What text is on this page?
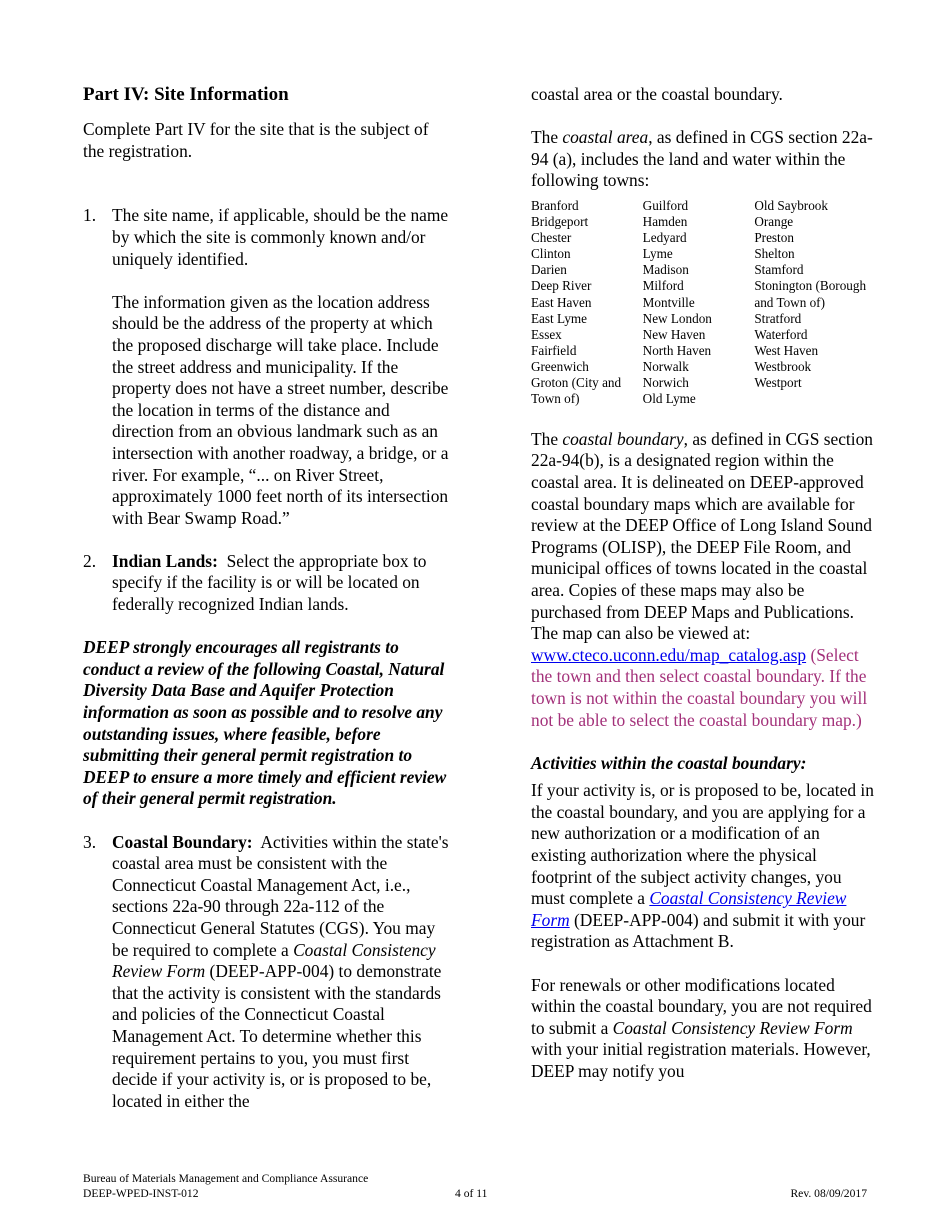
Part IV: Site Information

Complete Part IV for the site that is the subject of the registration.

1. The site name, if applicable, should be the name by which the site is commonly known and/or uniquely identified.

The information given as the location address should be the address of the property at which the proposed discharge will take place. Include the street address and municipality. If the property does not have a street number, describe the location in terms of the distance and direction from an obvious landmark such as an intersection with another roadway, a bridge, or a river. For example, “... on River Street, approximately 1000 feet north of its intersection with Bear Swamp Road.”

2. Indian Lands: Select the appropriate box to specify if the facility is or will be located on federally recognized Indian lands.

DEEP strongly encourages all registrants to conduct a review of the following Coastal, Natural Diversity Data Base and Aquifer Protection information as soon as possible and to resolve any outstanding issues, where feasible, before submitting their general permit registration to DEEP to ensure a more timely and efficient review of their general permit registration.

3. Coastal Boundary: Activities within the state's coastal area must be consistent with the Connecticut Coastal Management Act, i.e., sections 22a-90 through 22a-112 of the Connecticut General Statutes (CGS). You may be required to complete a Coastal Consistency Review Form (DEEP-APP-004) to demonstrate that the activity is consistent with the standards and policies of the Connecticut Coastal Management Act. To determine whether this requirement pertains to you, you must first decide if your activity is, or is proposed to be, located in either the

coastal area or the coastal boundary.

The coastal area, as defined in CGS section 22a-94 (a), includes the land and water within the following towns:

Branford
Bridgeport
Chester
Clinton
Darien
Deep River
East Haven
East Lyme
Essex
Fairfield
Greenwich
Groton (City and Town of)
Guilford
Hamden
Ledyard
Lyme
Madison
Milford
Montville
New London
New Haven
North Haven
Norwalk
Norwich
Old Lyme
Old Saybrook
Orange
Preston
Shelton
Stamford
Stonington (Borough and Town of)
Stratford
Waterford
West Haven
Westbrook
Westport

The coastal boundary, as defined in CGS section 22a-94(b), is a designated region within the coastal area. It is delineated on DEEP-approved coastal boundary maps which are available for review at the DEEP Office of Long Island Sound Programs (OLISP), the DEEP File Room, and municipal offices of towns located in the coastal area. Copies of these maps may also be purchased from DEEP Maps and Publications. The map can also be viewed at: www.cteco.uconn.edu/map_catalog.asp (Select the town and then select coastal boundary. If the town is not within the coastal boundary you will not be able to select the coastal boundary map.)

Activities within the coastal boundary:

If your activity is, or is proposed to be, located in the coastal boundary, and you are applying for a new authorization or a modification of an existing authorization where the physical footprint of the subject activity changes, you must complete a Coastal Consistency Review Form (DEEP-APP-004) and submit it with your registration as Attachment B.

For renewals or other modifications located within the coastal boundary, you are not required to submit a Coastal Consistency Review Form with your initial registration materials. However, DEEP may notify you

Bureau of Materials Management and Compliance Assurance
DEEP-WPED-INST-012	4 of 11	Rev. 08/09/2017
